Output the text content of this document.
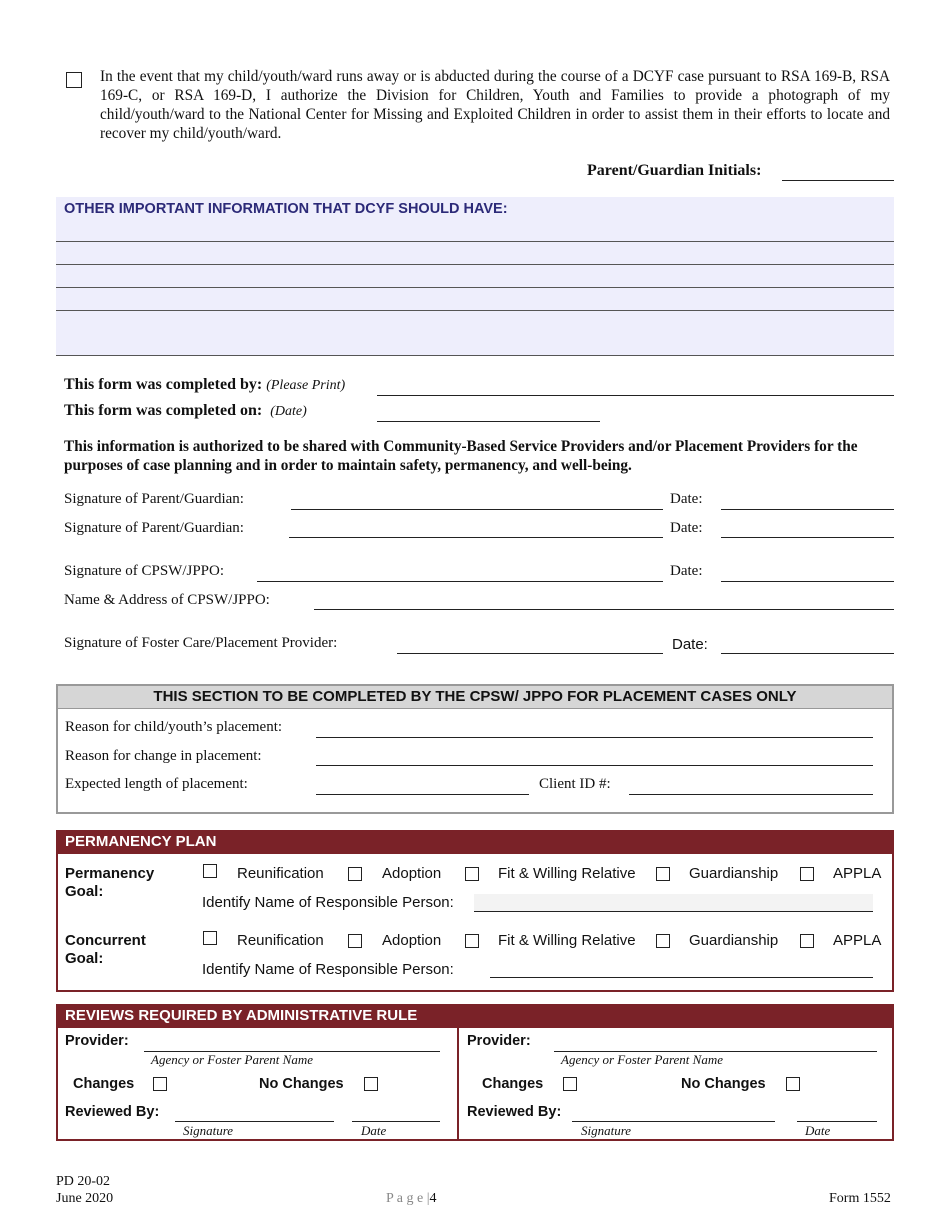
In the event that my child/youth/ward runs away or is abducted during the course of a DCYF case pursuant to RSA 169-B, RSA 169-C, or RSA 169-D, I authorize the Division for Children, Youth and Families to provide a photograph of my child/youth/ward to the National Center for Missing and Exploited Children in order to assist them in their efforts to locate and recover my child/youth/ward.
Parent/Guardian Initials:
OTHER IMPORTANT INFORMATION THAT DCYF SHOULD HAVE:
This form was completed by: (Please Print)
This form was completed on: (Date)
This information is authorized to be shared with Community-Based Service Providers and/or Placement Providers for the purposes of case planning and in order to maintain safety, permanency, and well-being.
Signature of Parent/Guardian:	Date:
Signature of Parent/Guardian:	Date:
Signature of CPSW/JPPO:	Date:
Name & Address of CPSW/JPPO:
Signature of Foster Care/Placement Provider:	Date:
THIS SECTION TO BE COMPLETED BY THE CPSW/ JPPO FOR PLACEMENT CASES ONLY
Reason for child/youth’s placement:
Reason for change in placement:
Expected length of placement:	Client ID #:
PERMANENCY PLAN
Permanency
Goal:
Reunification	Adoption	Fit & Willing Relative	Guardianship	APPLA
Identify Name of Responsible Person:
Concurrent
Goal:
Reunification	Adoption	Fit & Willing Relative	Guardianship	APPLA
Identify Name of Responsible Person:
REVIEWS REQUIRED BY ADMINISTRATIVE RULE
Provider:
Agency or Foster Parent Name
Changes	No Changes
Reviewed By:
Signature	Date
Provider:
Agency or Foster Parent Name
Changes	No Changes
Reviewed By:
Signature	Date
PD 20-02
June 2020	P a g e |4	Form 1552
